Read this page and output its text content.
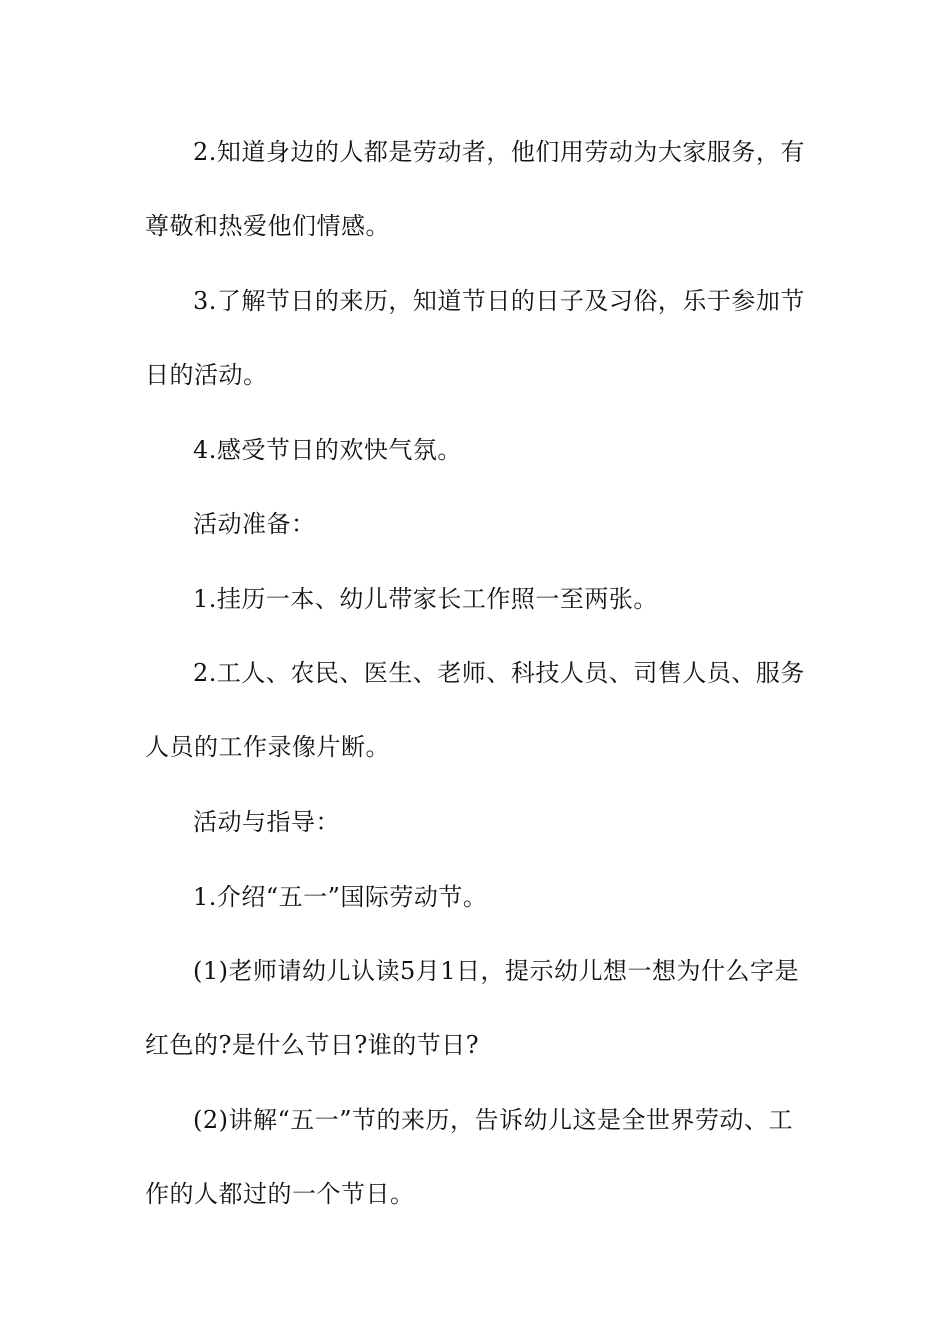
2.知道身边的人都是劳动者，他们用劳动为大家服务，有
尊敬和热爱他们情感。
3.了解节日的来历，知道节日的日子及习俗，乐于参加节
日的活动。
4.感受节日的欢快气氛。
活动准备：
1.挂历一本、幼儿带家长工作照一至两张。
2.工人、农民、医生、老师、科技人员、司售人员、服务
人员的工作录像片断。
活动与指导：
1.介绍“五一”国际劳动节。
(1)老师请幼儿认读5月1日，提示幼儿想一想为什么字是
红色的?是什么节日?谁的节日?
(2)讲解“五一”节的来历，告诉幼儿这是全世界劳动、工
作的人都过的一个节日。
